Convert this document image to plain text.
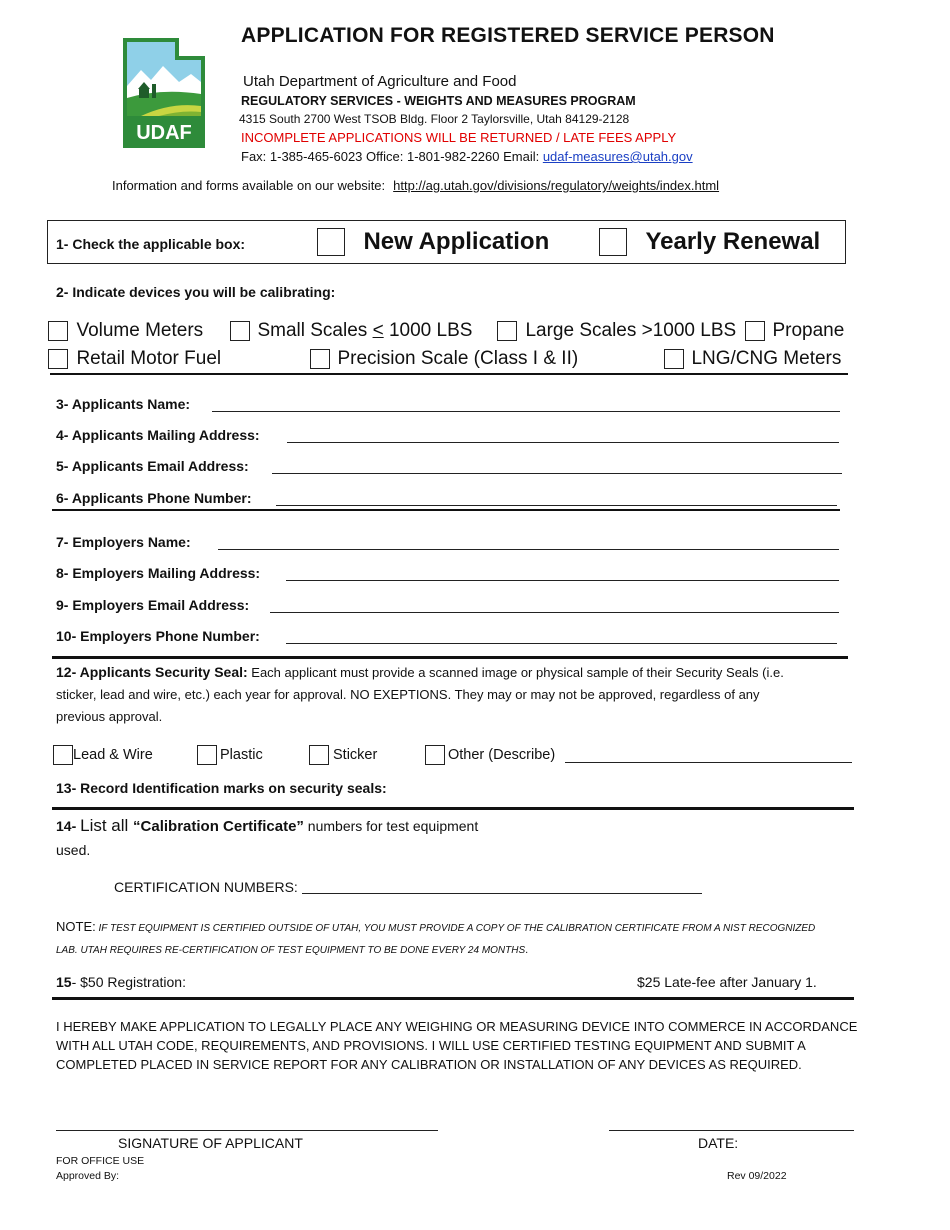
UDAF
APPLICATION FOR REGISTERED SERVICE PERSON
Utah Department of Agriculture and Food
REGULATORY SERVICES - WEIGHTS AND MEASURES PROGRAM
4315 South 2700 West TSOB Bldg. Floor 2 Taylorsville, Utah 84129-2128
INCOMPLETE APPLICATIONS WILL BE RETURNED / LATE FEES APPLY
Fax: 1-385-465-6023 Office: 1-801-982-2260 Email: udaf-measures@utah.gov
Information and forms available on our website: http://ag.utah.gov/divisions/regulatory/weights/index.html
1- Check the applicable box:	New Application	Yearly Renewal
2- Indicate devices you will be calibrating:
Volume Meters	Small Scales < 1000 LBS	Large Scales >1000 LBS	Propane
Retail Motor Fuel	Precision Scale (Class I & II)	LNG/CNG Meters
3- Applicants Name:
4- Applicants Mailing Address:
5- Applicants Email Address:
6- Applicants Phone Number:
7- Employers Name:
8- Employers Mailing Address:
9- Employers Email Address:
10- Employers Phone Number:
12- Applicants Security Seal: Each applicant must provide a scanned image or physical sample of their Security Seals (i.e.
sticker, lead and wire, etc.) each year for approval. NO EXEPTIONS. They may or may not be approved, regardless of any
previous approval.
Lead & Wire	Plastic	Sticker	Other (Describe)
13- Record Identification marks on security seals:
14- List all “Calibration Certificate” numbers for test equipment
used.
CERTIFICATION NUMBERS:
NOTE: IF TEST EQUIPMENT IS CERTIFIED OUTSIDE OF UTAH, YOU MUST PROVIDE A COPY OF THE CALIBRATION CERTIFICATE FROM A NIST RECOGNIZED
LAB. UTAH REQUIRES RE-CERTIFICATION OF TEST EQUIPMENT TO BE DONE EVERY 24 MONTHS.
15- $50 Registration:	$25 Late-fee after January 1.
I HEREBY MAKE APPLICATION TO LEGALLY PLACE ANY WEIGHING OR MEASURING DEVICE INTO COMMERCE IN ACCORDANCE
WITH ALL UTAH CODE, REQUIREMENTS, AND PROVISIONS. I WILL USE CERTIFIED TESTING EQUIPMENT AND SUBMIT A
COMPLETED PLACED IN SERVICE REPORT FOR ANY CALIBRATION OR INSTALLATION OF ANY DEVICES AS REQUIRED.
SIGNATURE OF APPLICANT	DATE:
FOR OFFICE USE
Approved By:	Rev 09/2022
